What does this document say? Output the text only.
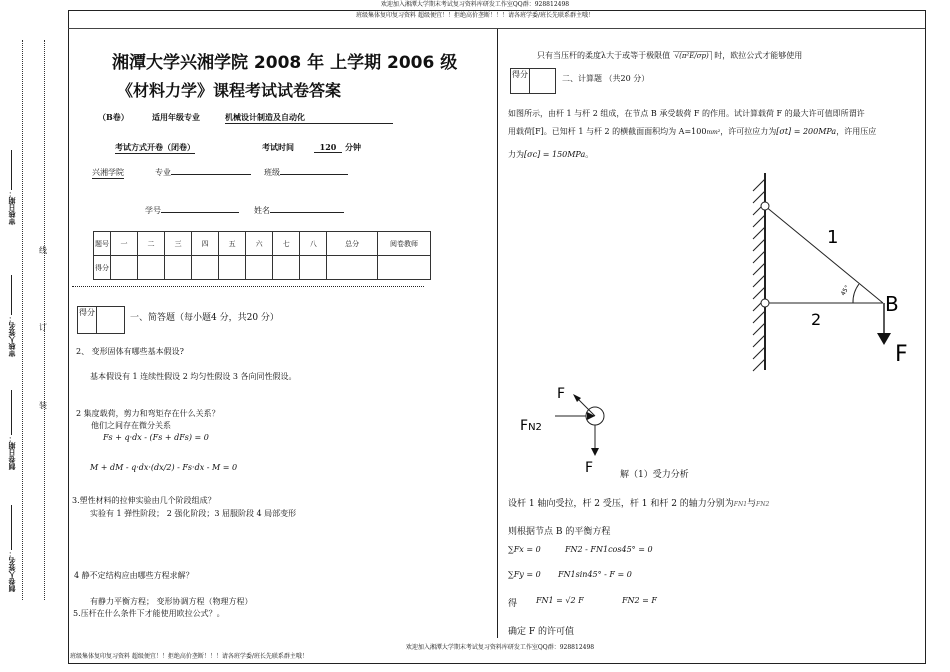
欢迎加入湘潭大学期末考试复习资料库研发工作室QQ群：928812498
班级集体复印复习资料 超级便宜！！拒绝高价垄断！！！请各班学委/班长先联系群主哦！
审核日期：
审核人签名：
制卷日期：
制卷人签名：
线
订
装
湘潭大学兴湘学院 2008 年 上学期 2006 级
《材料力学》课程考试试卷答案
（B卷）	适用年级专业	机械设计制造及自动化
考试方式开卷（闭卷）	考试时间	120	分钟
兴湘学院	专业	班级
学号	姓名
题号	一	二	三	四	五	六	七	八	总分	阅卷教师
得分										
得分
一、简答题（每小题4 分，共20 分）
2、 变形固体有哪些基本假设?
基本假设有 1 连续性假设 2 均匀性假设 3 各向同性假设。
2 集度载荷，剪力和弯矩存在什么关系？
他们之间存在微分关系
Fs + q·dx - (Fs + dFs) = 0
M + dM - q·dx·(dx/2) - Fs·dx - M = 0
3.塑性材料的拉伸实验由几个阶段组成？
实验有 1 弹性阶段； 2 强化阶段；3 屈服阶段 4 局部变形
4 静不定结构应由哪些方程求解？
有静力平衡方程； 变形协调方程（物理方程）
5.压杆在什么条件下才能使用欧拉公式？。
只有当压杆的柔度λ大于或等于极限值 √(π²E/σp) 时，欧拉公式才能够使用
得分	二、计算题 （共20 分）
如图所示，由杆 1 与杆 2 组成，在节点 B 承受载荷 F 的作用。试计算载荷 F 的最大许可值即所谓许
用载荷[F]。已知杆 1 与杆 2 的横截面面积均为 A=100mm²，许可拉应力为[σt] = 200MPa，许用压应
力为[σc] = 150MPa。
45°
1
2
B
F
F
FN2
F	解（1）受力分析
设杆 1 轴向受拉，杆 2 受压，杆 1 和杆 2 的轴力分别为FN1与FN2
则根据节点 B 的平衡方程
∑Fx = 0	FN2 - FN1cos45° = 0
∑Fy = 0 FN1sin45° - F = 0
得 FN1 = √2 F	FN2 = F
确定 F 的许可值
欢迎加入湘潭大学期末考试复习资料库研发工作室QQ群：928812498
班级集体复印复习资料 超级便宜！！拒绝高价垄断！！！请各班学委/班长先联系群主哦！
